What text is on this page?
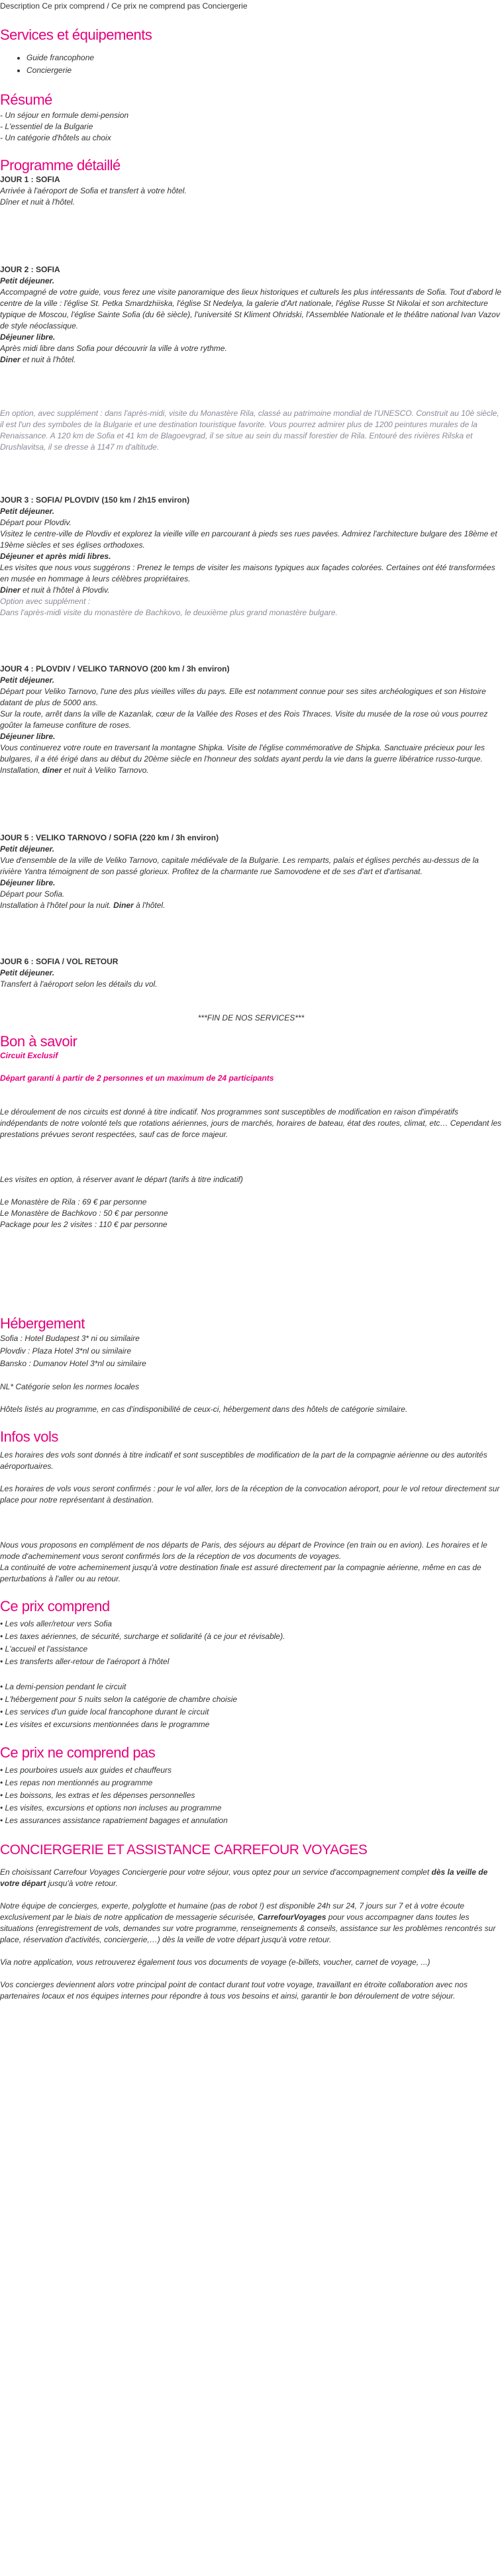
Description Ce prix comprend / Ce prix ne comprend pas Conciergerie
Services et équipements
• Guide francophone
• Conciergerie
Résumé
- Un séjour en formule demi-pension
- L'essentiel de la Bulgarie
- Un catégorie d'hôtels au choix
Programme détaillé
JOUR 1 : SOFIA
Arrivée à l'aéroport de Sofia et transfert à votre hôtel.
Dîner et nuit à l'hôtel.
JOUR 2 : SOFIA
Petit déjeuner.
Accompagné de votre guide, vous ferez une visite panoramique des lieux historiques et culturels les plus intéressants de Sofia. Tout d'abord le centre de la ville : l'église St. Petka Smardzhiiska, l'église St Nedelya, la galerie d'Art nationale, l'église Russe St Nikolai et son architecture typique de Moscou, l'église Sainte Sofia (du 6è siècle), l'université St Kliment Ohridski, l'Assemblée Nationale et le théâtre national Ivan Vazov de style néoclassique.
Déjeuner libre.
Après midi libre dans Sofia pour découvrir la ville à votre rythme.
Diner et nuit à l'hôtel.
En option, avec supplément : dans l'après-midi, visite du Monastère Rila, classé au patrimoine mondial de l'UNESCO. Construit au 10è siècle, il est l'un des symboles de la Bulgarie et une destination touristique favorite. Vous pourrez admirer plus de 1200 peintures murales de la Renaissance. A 120 km de Sofia et 41 km de Blagoevgrad, il se situe au sein du massif forestier de Rila. Entouré des rivières Rilska et Drushlavitsa, il se dresse à 1147 m d'altitude.
JOUR 3 : SOFIA/ PLOVDIV (150 km / 2h15 environ)
Petit déjeuner.
Départ pour Plovdiv.
Visitez le centre-ville de Plovdiv et explorez la vieille ville en parcourant à pieds ses rues pavées. Admirez l'architecture bulgare des 18ème et 19ème siècles et ses églises orthodoxes.
Déjeuner et après midi libres.
Les visites que nous vous suggérons : Prenez le temps de visiter les maisons typiques aux façades colorées. Certaines ont été transformées en musée en hommage à leurs célèbres propriétaires.
Diner et nuit à l'hôtel à Plovdiv.
Option avec supplément :
Dans l'après-midi visite du monastère de Bachkovo, le deuxième plus grand monastère bulgare.
JOUR 4 : PLOVDIV / VELIKO TARNOVO (200 km / 3h environ)
Petit déjeuner.
Départ pour Veliko Tarnovo, l'une des plus vieilles villes du pays. Elle est notamment connue pour ses sites archéologiques et son Histoire datant de plus de 5000 ans.
Sur la route, arrêt dans la ville de Kazanlak, cœur de la Vallée des Roses et des Rois Thraces. Visite du musée de la rose où vous pourrez goûter la fameuse confiture de roses.
Déjeuner libre.
Vous continuerez votre route en traversant la montagne Shipka. Visite de l'église commémorative de Shipka. Sanctuaire précieux pour les bulgares, il a été érigé dans au début du 20ème siècle en l'honneur des soldats ayant perdu la vie dans la guerre libératrice russo-turque.
Installation, diner et nuit à Veliko Tarnovo.
JOUR 5 : VELIKO TARNOVO / SOFIA (220 km / 3h environ)
Petit déjeuner.
Vue d'ensemble de la ville de Veliko Tarnovo, capitale médiévale de la Bulgarie. Les remparts, palais et églises perchés au-dessus de la rivière Yantra témoignent de son passé glorieux. Profitez de la charmante rue Samovodene et de ses d'art et d'artisanat.
Déjeuner libre.
Départ pour Sofia.
Installation à l'hôtel pour la nuit. Diner à l'hôtel.
JOUR 6 : SOFIA / VOL RETOUR
Petit déjeuner.
Transfert à l'aéroport selon les détails du vol.
***FIN DE NOS SERVICES***
Bon à savoir
Circuit Exclusif
Départ garanti à partir de 2 personnes et un maximum de 24 participants
Le déroulement de nos circuits est donné à titre indicatif. Nos programmes sont susceptibles de modification en raison d'impératifs indépendants de notre volonté tels que rotations aériennes, jours de marchés, horaires de bateau, état des routes, climat, etc… Cependant les prestations prévues seront respectées, sauf cas de force majeur.
Les visites en option, à réserver avant le départ (tarifs à titre indicatif)
Le Monastère de Rila : 69 € par personne
Le Monastère de Bachkovo : 50 € par personne
Package pour les 2 visites : 110 € par personne
Hébergement
Sofia : Hotel Budapest 3* ni ou similaire
Plovdiv : Plaza Hotel 3*nl ou similaire
Bansko : Dumanov Hotel 3*nl ou similaire
NL* Catégorie selon les normes locales
Hôtels listés au programme, en cas d'indisponibilité de ceux-ci, hébergement dans des hôtels de catégorie similaire.
Infos vols
Les horaires des vols sont donnés à titre indicatif et sont susceptibles de modification de la part de la compagnie aérienne ou des autorités aéroportuaires.
Les horaires de vols vous seront confirmés : pour le vol aller, lors de la réception de la convocation aéroport, pour le vol retour directement sur place pour notre représentant à destination.
Nous vous proposons en complément de nos départs de Paris, des séjours au départ de Province (en train ou en avion). Les horaires et le mode d'acheminement vous seront confirmés lors de la réception de vos documents de voyages.
La continuité de votre acheminement jusqu'à votre destination finale est assuré directement par la compagnie aérienne, même en cas de perturbations à l'aller ou au retour.
Ce prix comprend
• Les vols aller/retour vers Sofia
• Les taxes aériennes, de sécurité, surcharge et solidarité (à ce jour et révisable).
• L'accueil et l'assistance
• Les transferts aller-retour de l'aéroport à l'hôtel
• La demi-pension pendant le circuit
• L'hébergement pour 5 nuits selon la catégorie de chambre choisie
• Les services d'un guide local francophone durant le circuit
• Les visites et excursions mentionnées dans le programme
Ce prix ne comprend pas
• Les pourboires usuels aux guides et chauffeurs
• Les repas non mentionnés au programme
• Les boissons, les extras et les dépenses personnelles
• Les visites, excursions et options non incluses au programme
• Les assurances assistance rapatriement bagages et annulation
CONCIERGERIE ET ASSISTANCE CARREFOUR VOYAGES
En choisissant Carrefour Voyages Conciergerie pour votre séjour, vous optez pour un service d'accompagnement complet dès la veille de votre départ jusqu'à votre retour.
Notre équipe de concierges, experte, polyglotte et humaine (pas de robot !) est disponible 24h sur 24, 7 jours sur 7 et à votre écoute exclusivement par le biais de notre application de messagerie sécurisée, CarrefourVoyages pour vous accompagner dans toutes les situations (enregistrement de vols, demandes sur votre programme, renseignements & conseils, assistance sur les problèmes rencontrés sur place, réservation d'activités, conciergerie,…) dès la veille de votre départ jusqu'à votre retour.
Via notre application, vous retrouverez également tous vos documents de voyage (e-billets, voucher, carnet de voyage, ...)
Vos concierges deviennent alors votre principal point de contact durant tout votre voyage, travaillant en étroite collaboration avec nos partenaires locaux et nos équipes internes pour répondre à tous vos besoins et ainsi, garantir le bon déroulement de votre séjour.
